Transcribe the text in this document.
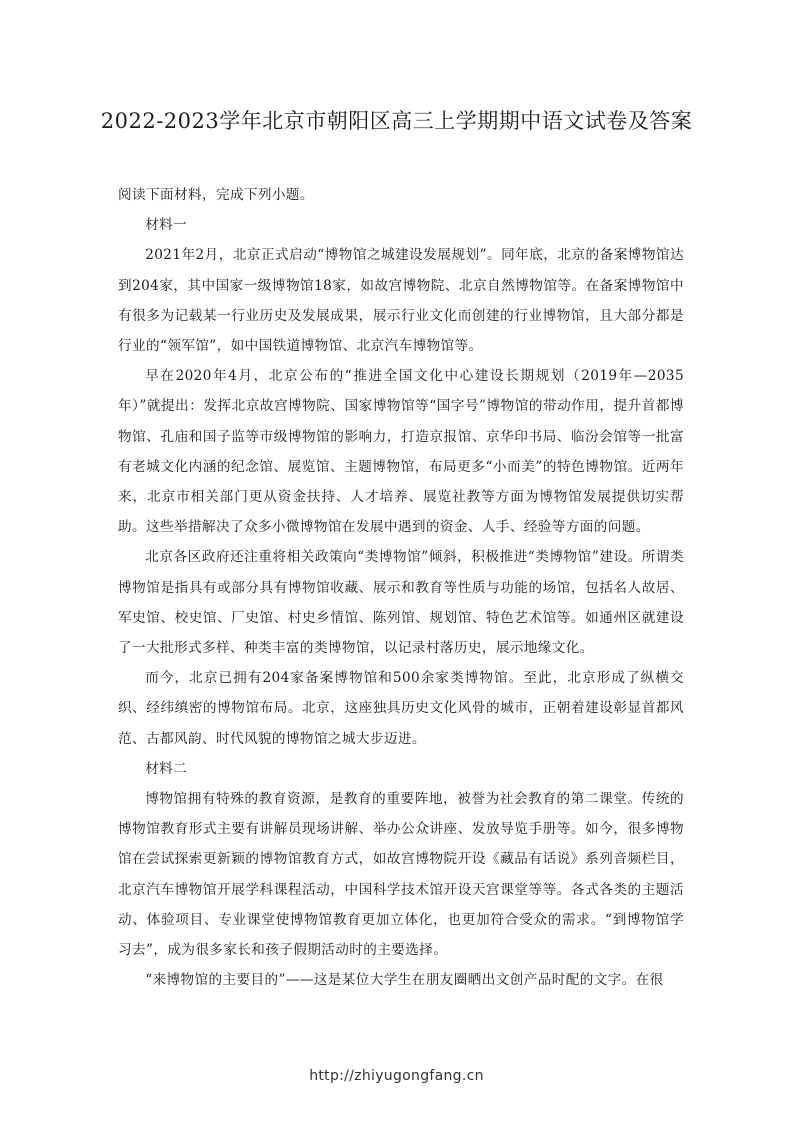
2022-2023学年北京市朝阳区高三上学期期中语文试卷及答案

阅读下面材料，完成下列小题。

材料一

2021年2月，北京正式启动“博物馆之城建设发展规划”。同年底，北京的备案博物馆达到204家，其中国家一级博物馆18家，如故宫博物院、北京自然博物馆等。在备案博物馆中有很多为记载某一行业历史及发展成果，展示行业文化而创建的行业博物馆，且大部分都是行业的“领军馆”，如中国铁道博物馆、北京汽车博物馆等。

早在2020年4月，北京公布的“推进全国文化中心建设长期规划（2019年—2035年）”就提出：发挥北京故宫博物院、国家博物馆等“国字号”博物馆的带动作用，提升首都博物馆、孔庙和国子监等市级博物馆的影响力，打造京报馆、京华印书局、临汾会馆等一批富有老城文化内涵的纪念馆、展览馆、主题博物馆，布局更多“小而美”的特色博物馆。近两年来，北京市相关部门更从资金扶持、人才培养、展览社教等方面为博物馆发展提供切实帮助。这些举措解决了众多小微博物馆在发展中遇到的资金、人手、经验等方面的问题。

北京各区政府还注重将相关政策向“类博物馆”倾斜，积极推进“类博物馆”建设。所谓类博物馆是指具有或部分具有博物馆收藏、展示和教育等性质与功能的场馆，包括名人故居、军史馆、校史馆、厂史馆、村史乡情馆、陈列馆、规划馆、特色艺术馆等。如通州区就建设了一大批形式多样、种类丰富的类博物馆，以记录村落历史，展示地缘文化。

而今，北京已拥有204家备案博物馆和500余家类博物馆。至此，北京形成了纵横交织、经纬缜密的博物馆布局。北京，这座独具历史文化风骨的城市，正朝着建设彰显首都风范、古都风韵、时代风貌的博物馆之城大步迈进。

材料二

博物馆拥有特殊的教育资源，是教育的重要阵地，被誉为社会教育的第二课堂。传统的博物馆教育形式主要有讲解员现场讲解、举办公众讲座、发放导览手册等。如今，很多博物馆在尝试探索更新颖的博物馆教育方式，如故宫博物院开设《藏品有话说》系列音频栏目，北京汽车博物馆开展学科课程活动，中国科学技术馆开设天宫课堂等等。各式各类的主题活动、体验项目、专业课堂使博物馆教育更加立体化，也更加符合受众的需求。“到博物馆学习去”，成为很多家长和孩子假期活动时的主要选择。

“来博物馆的主要目的”——这是某位大学生在朋友圈晒出文创产品时配的文字。在很

http://zhiyugongfang.cn
